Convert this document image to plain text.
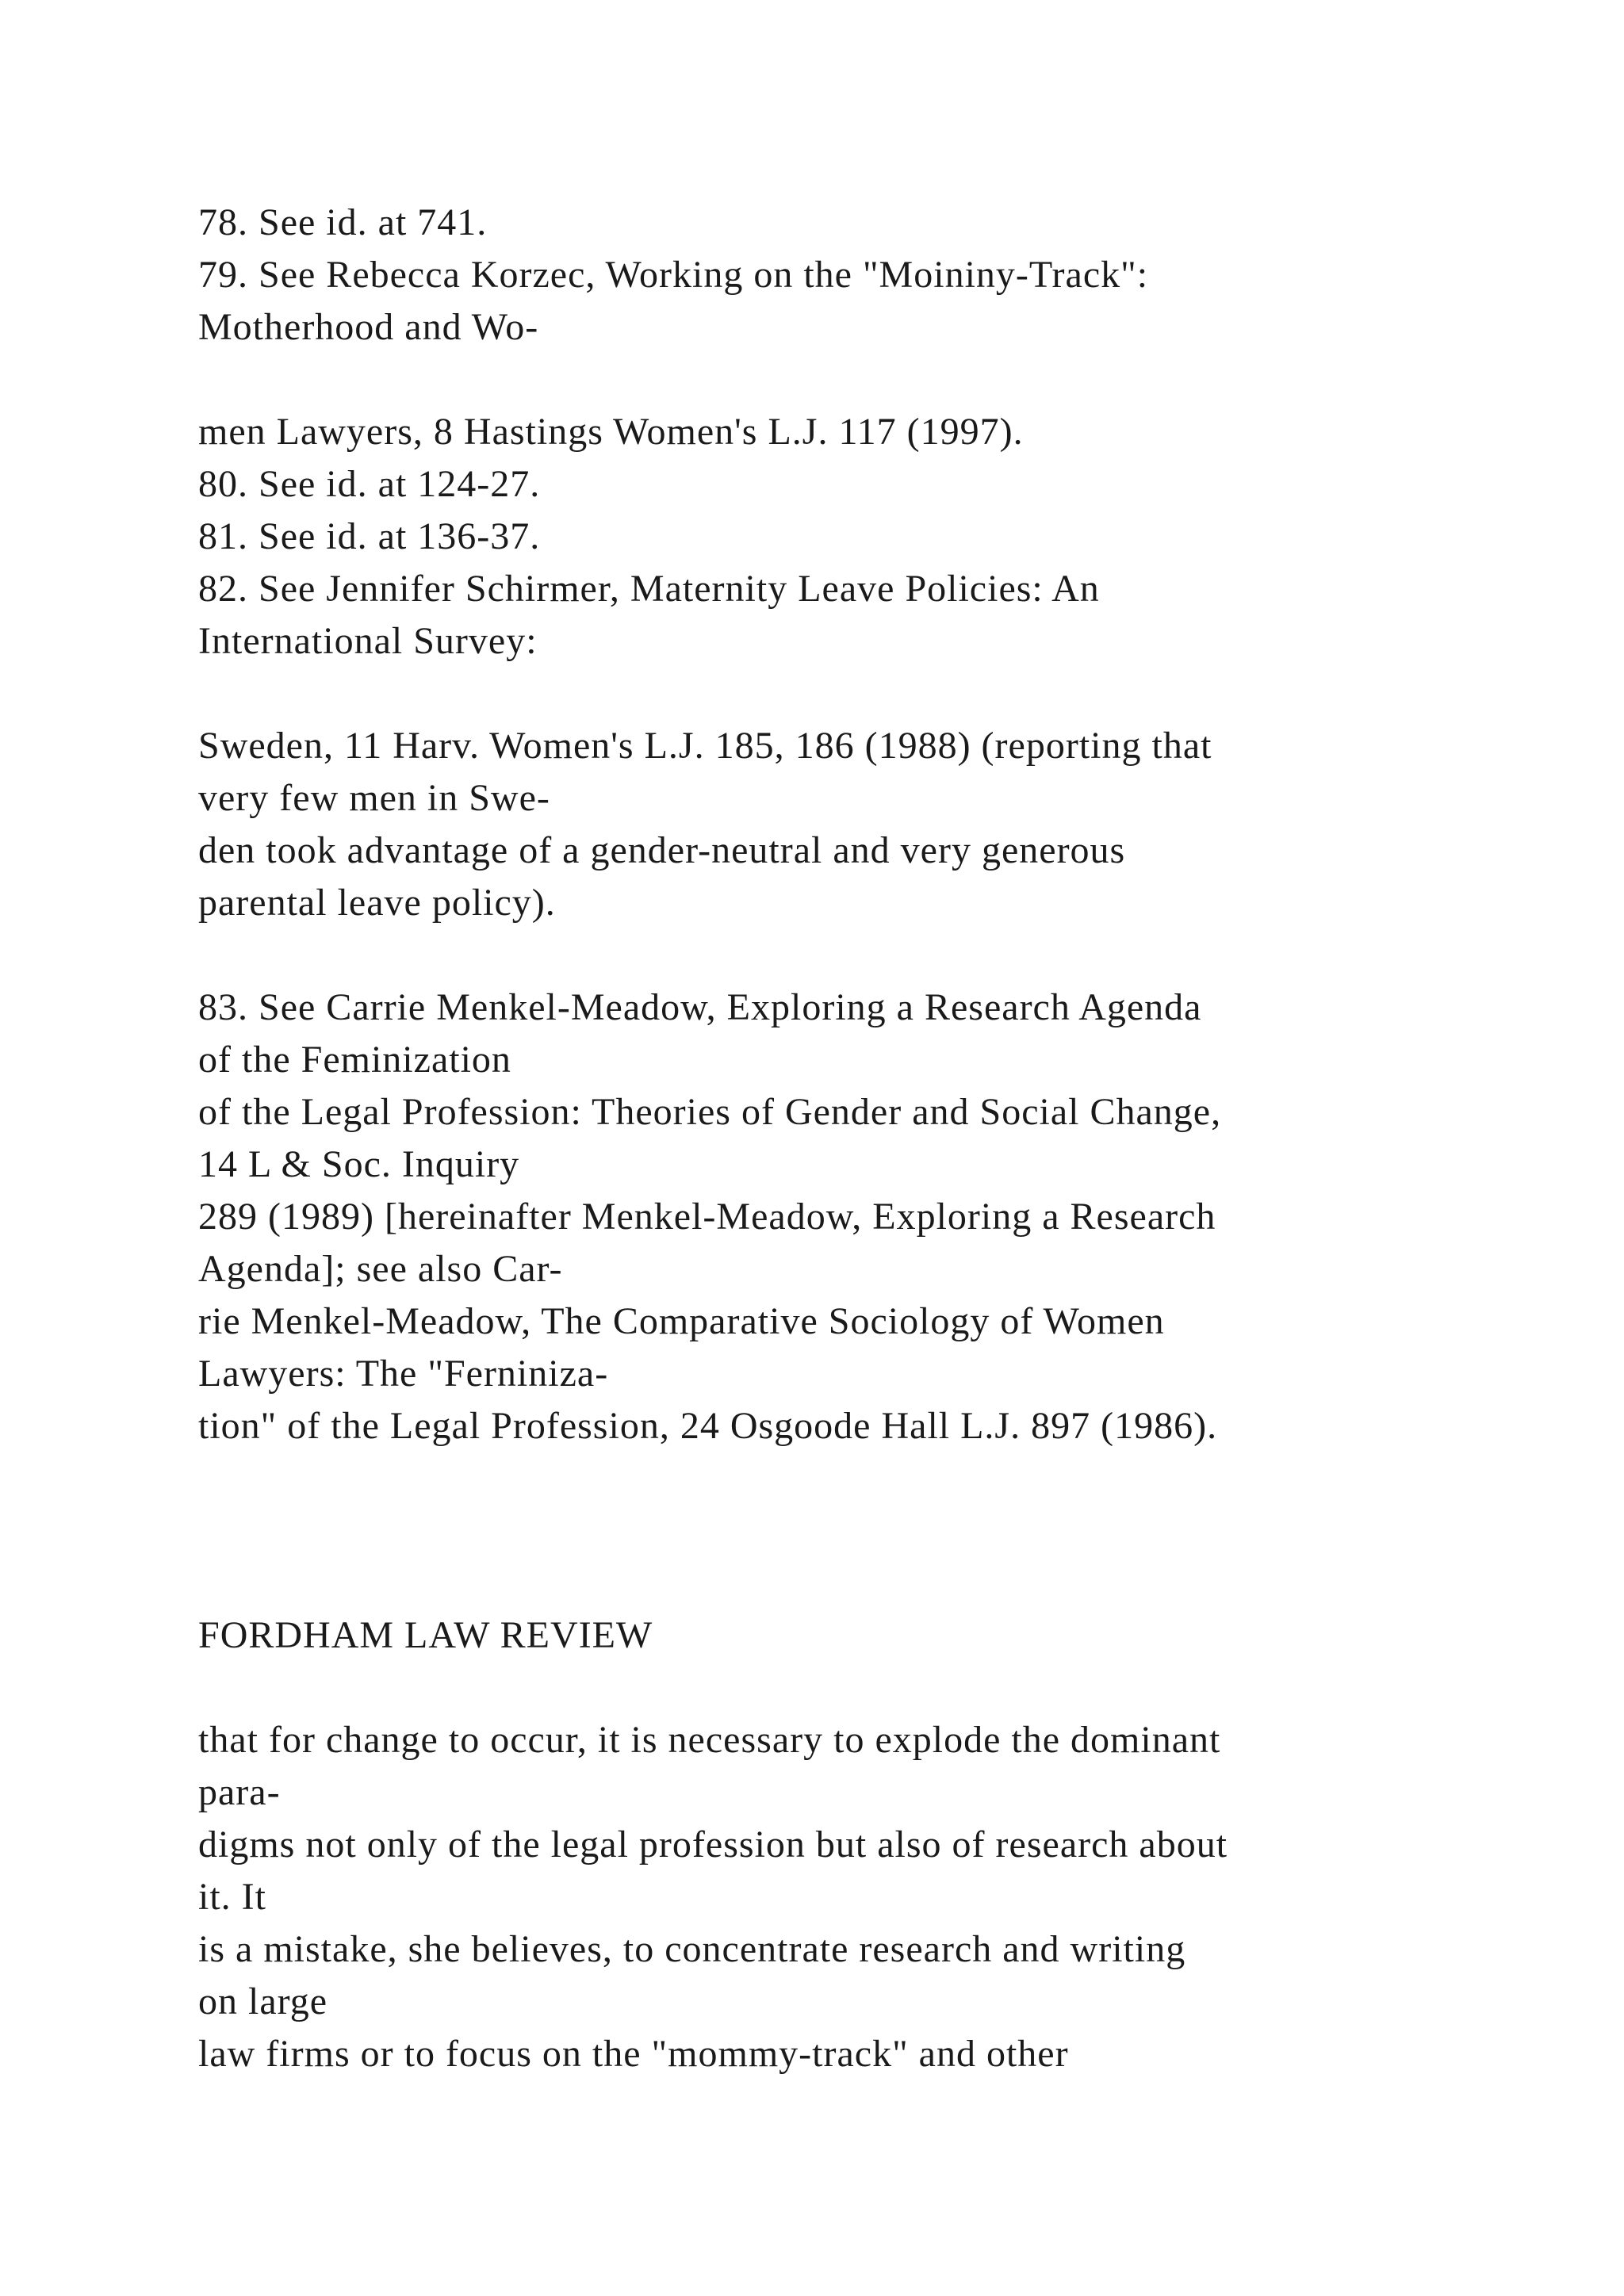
78. See id. at 741.
79. See Rebecca Korzec, Working on the "Moininy-Track":
Motherhood and Wo-
men Lawyers, 8 Hastings Women's L.J. 117 (1997).
80. See id. at 124-27.
81. See id. at 136-37.
82. See Jennifer Schirmer, Maternity Leave Policies: An
International Survey:
Sweden, 11 Harv. Women's L.J. 185, 186 (1988) (reporting that
very few men in Swe-
den took advantage of a gender-neutral and very generous
parental leave policy).
83. See Carrie Menkel-Meadow, Exploring a Research Agenda
of the Feminization
of the Legal Profession: Theories of Gender and Social Change,
14 L & Soc. Inquiry
289 (1989) [hereinafter Menkel-Meadow, Exploring a Research
Agenda]; see also Car-
rie Menkel-Meadow, The Comparative Sociology of Women
Lawyers: The "Ferniniza-
tion" of the Legal Profession, 24 Osgoode Hall L.J. 897 (1986).
FORDHAM LAW REVIEW
that for change to occur, it is necessary to explode the dominant
para-
digms not only of the legal profession but also of research about
it. It
is a mistake, she believes, to concentrate research and writing
on large
law firms or to focus on the "mommy-track" and other
